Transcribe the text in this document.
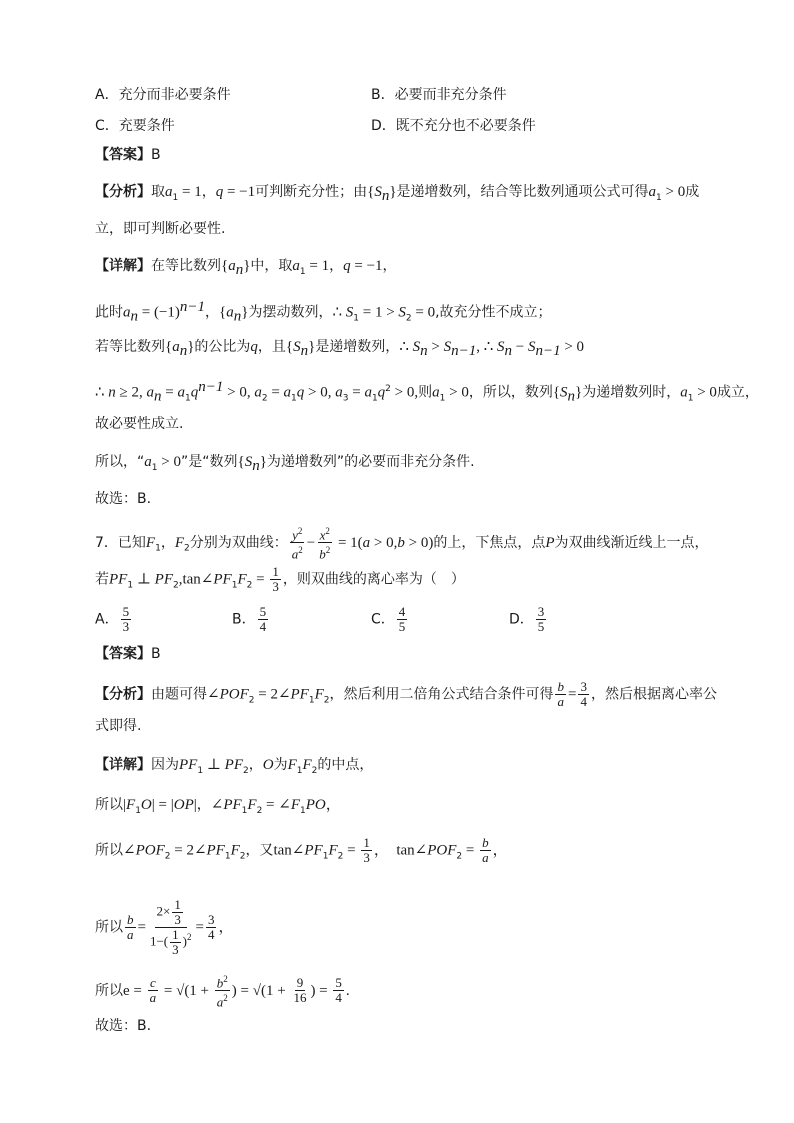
A．充分而非必要条件	B．必要而非充分条件
C．充要条件	D．既不充分也不必要条件
【答案】B
【分析】取$a_1 = 1$，q = −1可判断充分性；由$\{S_n\}$是递增数列，结合等比数列通项公式可得$a_1 > 0$成
立，即可判断必要性.
【详解】在等比数列$\{a_n\}$中，取$a_1 = 1$，q = −1，
此时$a_n = (-1)^{n-1}$，$\{a_n\}$为摆动数列，∴ $S_1 = 1 > S_2 = 0$,故充分性不成立；
若等比数列$\{a_n\}$的公比为q，且$\{S_n\}$是递增数列，∴ $S_n > S_{n-1}$, ∴ $S_n - S_{n-1} > 0$
∴ n ≥ 2, $a_n = a_1q^{n-1} > 0$, $a_2 = a_1q > 0$, $a_3 = a_1q^2 > 0$,则$a_1 > 0$，所以，数列$\{S_n\}$为递增数列时，$a_1 > 0$成立，
故必要性成立.
所以，“$a_1 > 0$”是“数列$\{S_n\}$为递增数列”的必要而非充分条件.
故选：B.
7．已知$F_1$，$F_2$分别为双曲线： $\frac{y^2}{a^2} - \frac{x^2}{b^2} = 1(a > 0,b > 0)$的上，下焦点，点P为双曲线渐近线上一点，
若$PF_1$ ⊥ $PF_2,\tan\angle PF_1F_2 = \frac{1}{3}$ ，则双曲线的离心率为（　）
A． $\frac{5}{3}$	B． $\frac{5}{4}$	C． $\frac{4}{5}$	D． $\frac{3}{5}$
【答案】B
【分析】由题可得$\angle POF_2$ = $2\angle PF_1F_2$，然后利用二倍角公式结合条件可得 $\frac{b}{a} = \frac{3}{4}$ ，然后根据离心率公
式即得.
【详解】因为$PF_1$ ⊥ $PF_2$，O为$F_1F_2$的中点，
所以$|F_1O| = |OP|$，$\angle PF_1F_2$ = $\angle F_1PO$，
所以$\angle POF_2$ = $2\angle PF_1F_2$，又$\tan\angle PF_1F_2 = \frac{1}{3}$ ，  $\tan\angle POF_2 = \frac{b}{a}$ ，
所以 $\frac{b}{a} = \frac{2\times \frac{1}{3}}{1-( \frac{1}{3} )^2} = \frac{3}{4}$ ，
所以$e = \frac{c}{a} = √(1 + \frac{b^2}{a^2}$ ) = $√(1 + \frac{9}{16}$ ) = $\frac{5}{4}$ .
故选：B.
